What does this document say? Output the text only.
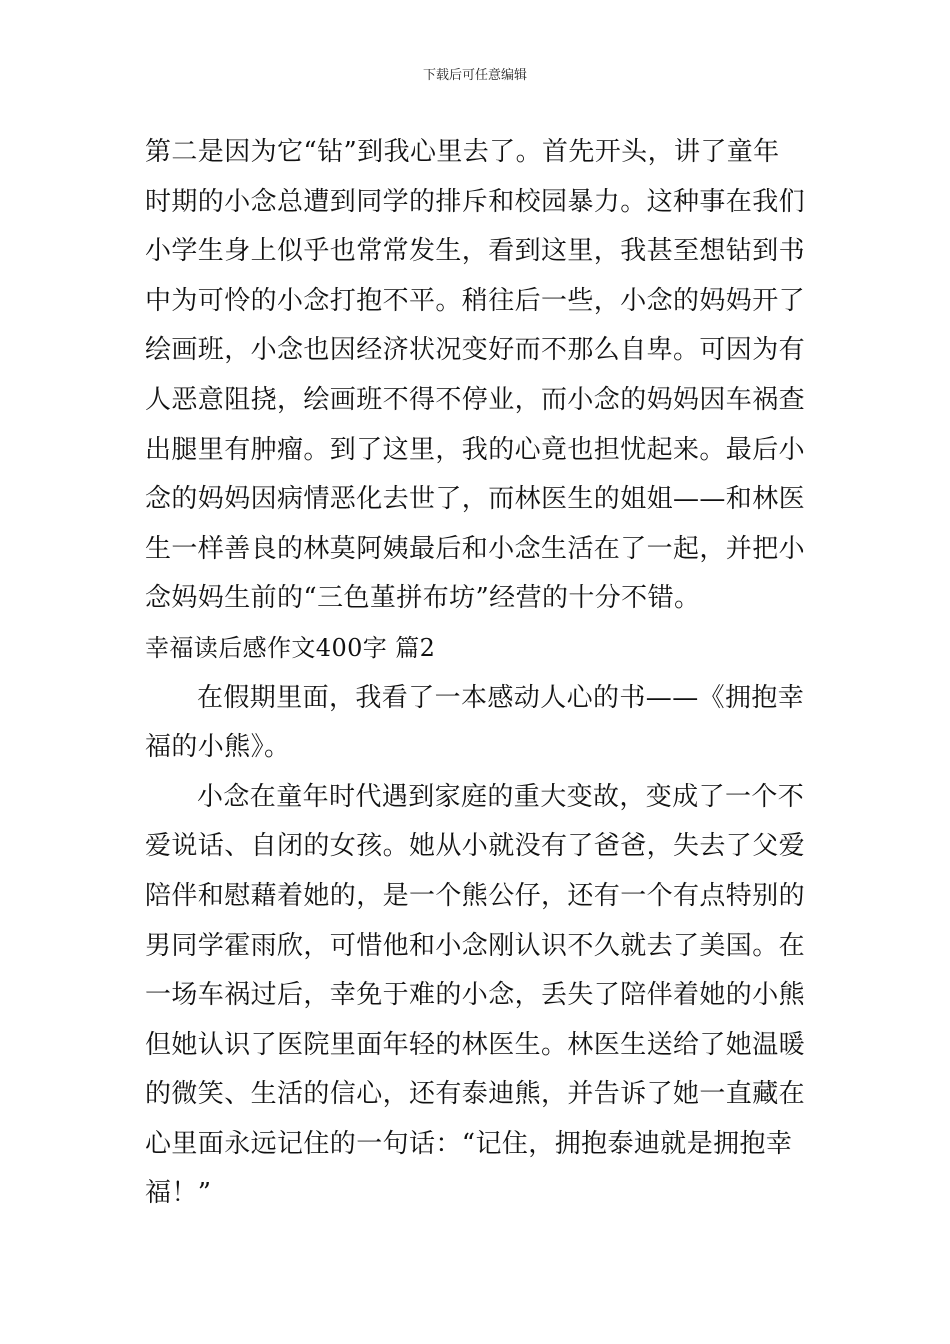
下载后可任意编辑
第二是因为它“钻”到我心里去了。首先开头，讲了童年
时期的小念总遭到同学的排斥和校园暴力。这种事在我们
小学生身上似乎也常常发生，看到这里，我甚至想钻到书
中为可怜的小念打抱不平。稍往后一些，小念的妈妈开了
绘画班，小念也因经济状况变好而不那么自卑。可因为有
人恶意阻挠，绘画班不得不停业，而小念的妈妈因车祸查
出腿里有肿瘤。到了这里，我的心竟也担忧起来。最后小
念的妈妈因病情恶化去世了，而林医生的姐姐——和林医
生一样善良的林莫阿姨最后和小念生活在了一起，并把小
念妈妈生前的“三色堇拼布坊”经营的十分不错。
幸福读后感作文400字 篇2
在假期里面，我看了一本感动人心的书——《拥抱幸
福的小熊》。
小念在童年时代遇到家庭的重大变故，变成了一个不
爱说话、自闭的女孩。她从小就没有了爸爸，失去了父爱
陪伴和慰藉着她的，是一个熊公仔，还有一个有点特别的
男同学霍雨欣，可惜他和小念刚认识不久就去了美国。在
一场车祸过后，幸免于难的小念，丢失了陪伴着她的小熊
但她认识了医院里面年轻的林医生。林医生送给了她温暖
的微笑、生活的信心，还有泰迪熊，并告诉了她一直藏在
心里面永远记住的一句话：“记住，拥抱泰迪就是拥抱幸
福！”
